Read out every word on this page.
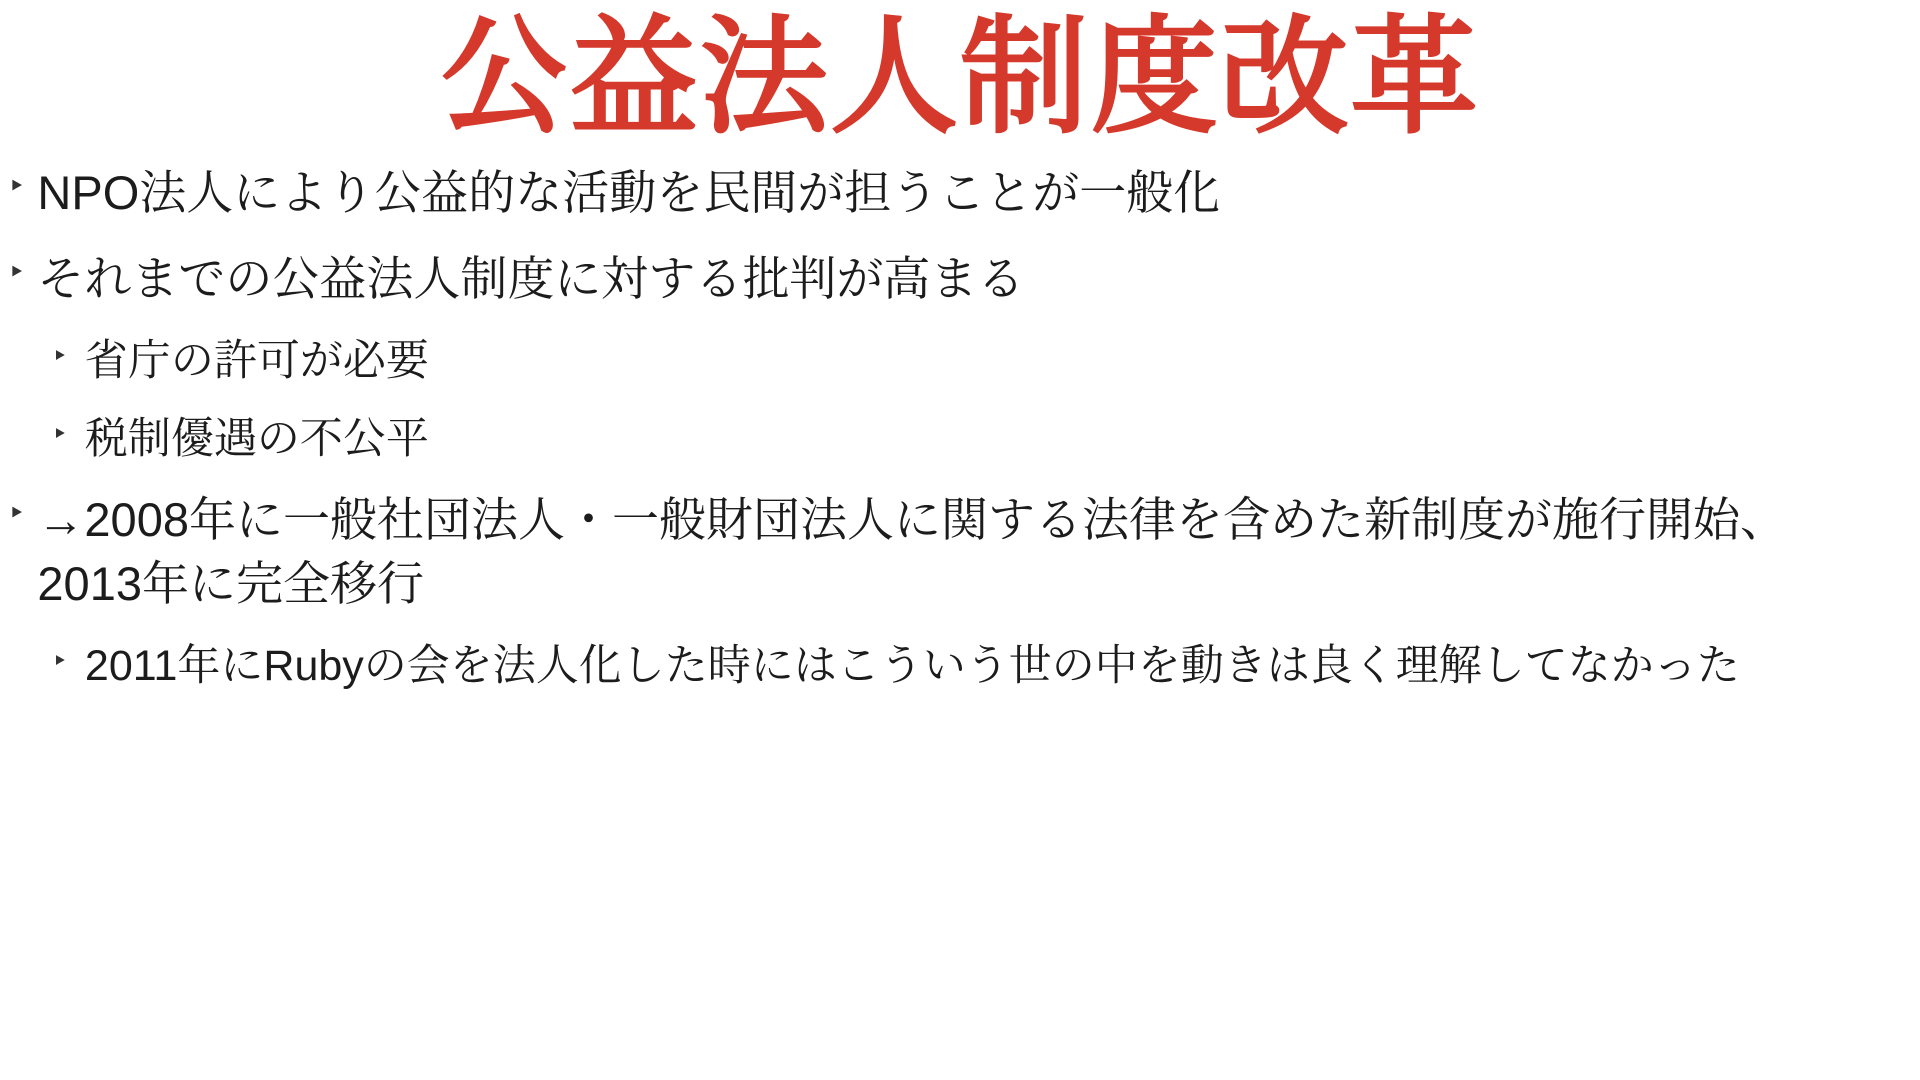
公益法人制度改革
‣ NPO法人により公益的な活動を民間が担うことが一般化
‣ それまでの公益法人制度に対する批判が高まる
‣ 省庁の許可が必要
‣ 税制優遇の不公平
‣ →2008年に一般社団法人・一般財団法人に関する法律を含めた新制度が施行開始、2013年に完全移行
‣ 2011年にRubyの会を法人化した時にはこういう世の中を動きは良く理解してなかった
